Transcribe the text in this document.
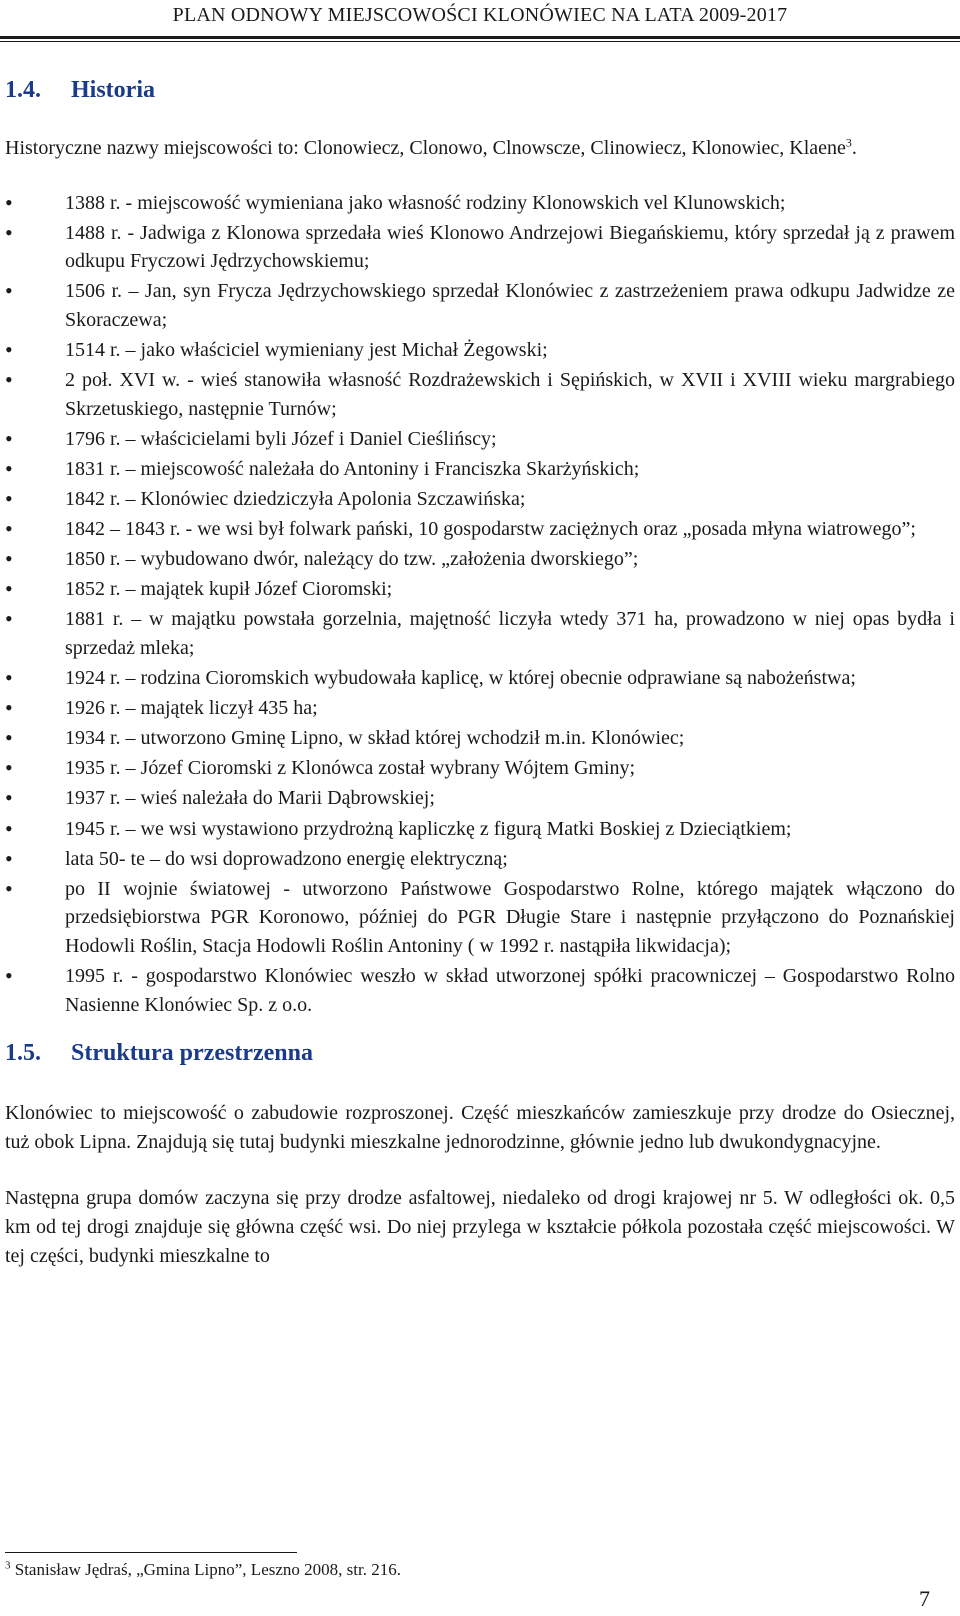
PLAN ODNOWY MIEJSCOWOŚCI KLONÓWIEC NA LATA 2009-2017
1.4. Historia

Historyczne nazwy miejscowości to: Clonowiecz, Clonowo, Clnowscze, Clinowiecz, Klonowiec, Klaene$^3$.

• 1388 r. - miejscowość wymieniana jako własność rodziny Klonowskich vel Klunowskich;
• 1488 r. - Jadwiga z Klonowa sprzedała wieś Klonowo Andrzejowi Biegańskiemu, który sprzedał ją z prawem odkupu Fryczowi Jędrzychowskiemu;
• 1506 r. – Jan, syn Frycza Jędrzychowskiego sprzedał Klonówiec z zastrzeżeniem prawa odkupu Jadwidze ze Skoraczewa;
• 1514 r. – jako właściciel wymieniany jest Michał Żegowski;
• 2 poł. XVI w. - wieś stanowiła własność Rozdrażewskich i Sępińskich, w XVII i XVIII wieku margrabiego Skrzetuskiego, następnie Turnów;
• 1796 r. – właścicielami byli Józef i Daniel Cieślińscy;
• 1831 r. – miejscowość należała do Antoniny i Franciszka Skarżyńskich;
• 1842 r. – Klonówiec dziedziczyła Apolonia Szczawińska;
• 1842 – 1843 r. - we wsi był folwark pański, 10 gospodarstw zaciężnych oraz „posada młyna wiatrowego”;
• 1850 r. – wybudowano dwór, należący do tzw. „założenia dworskiego”;
• 1852 r. – majątek kupił Józef Cioromski;
• 1881 r. – w majątku powstała gorzelnia, majętność liczyła wtedy 371 ha, prowadzono w niej opas bydła i sprzedaż mleka;
• 1924 r. – rodzina Cioromskich wybudowała kaplicę, w której obecnie odprawiane są nabożeństwa;
• 1926 r. – majątek liczył 435 ha;
• 1934 r. – utworzono Gminę Lipno, w skład której wchodził m.in. Klonówiec;
• 1935 r. – Józef Cioromski z Klonówca został wybrany Wójtem Gminy;
• 1937 r. – wieś należała do Marii Dąbrowskiej;
• 1945 r. – we wsi wystawiono przydrożną kapliczkę z figurą Matki Boskiej z Dzieciątkiem;
• lata 50- te – do wsi doprowadzono energię elektryczną;
• po II wojnie światowej - utworzono Państwowe Gospodarstwo Rolne, którego majątek włączono do przedsiębiorstwa PGR Koronowo, później do PGR Długie Stare i następnie przyłączono do Poznańskiej Hodowli Roślin, Stacja Hodowli Roślin Antoniny ( w 1992 r. nastąpiła likwidacja);
• 1995 r. - gospodarstwo Klonówiec weszło w skład utworzonej spółki pracowniczej – Gospodarstwo Rolno Nasienne Klonówiec Sp. z o.o.
1.5. Struktura przestrzenna

Klonówiec to miejscowość o zabudowie rozproszonej. Część mieszkańców zamieszkuje przy drodze do Osiecznej, tuż obok Lipna. Znajdują się tutaj budynki mieszkalne jednorodzinne, głównie jedno lub dwukondygnacyjne.

Następna grupa domów zaczyna się przy drodze asfaltowej, niedaleko od drogi krajowej nr 5. W odległości ok. 0,5 km od tej drogi znajduje się główna część wsi. Do niej przylega w kształcie półkola pozostała część miejscowości. W tej części, budynki mieszkalne to

$^3$ Stanisław Jędraś, „Gmina Lipno”, Leszno 2008, str. 216.
7
